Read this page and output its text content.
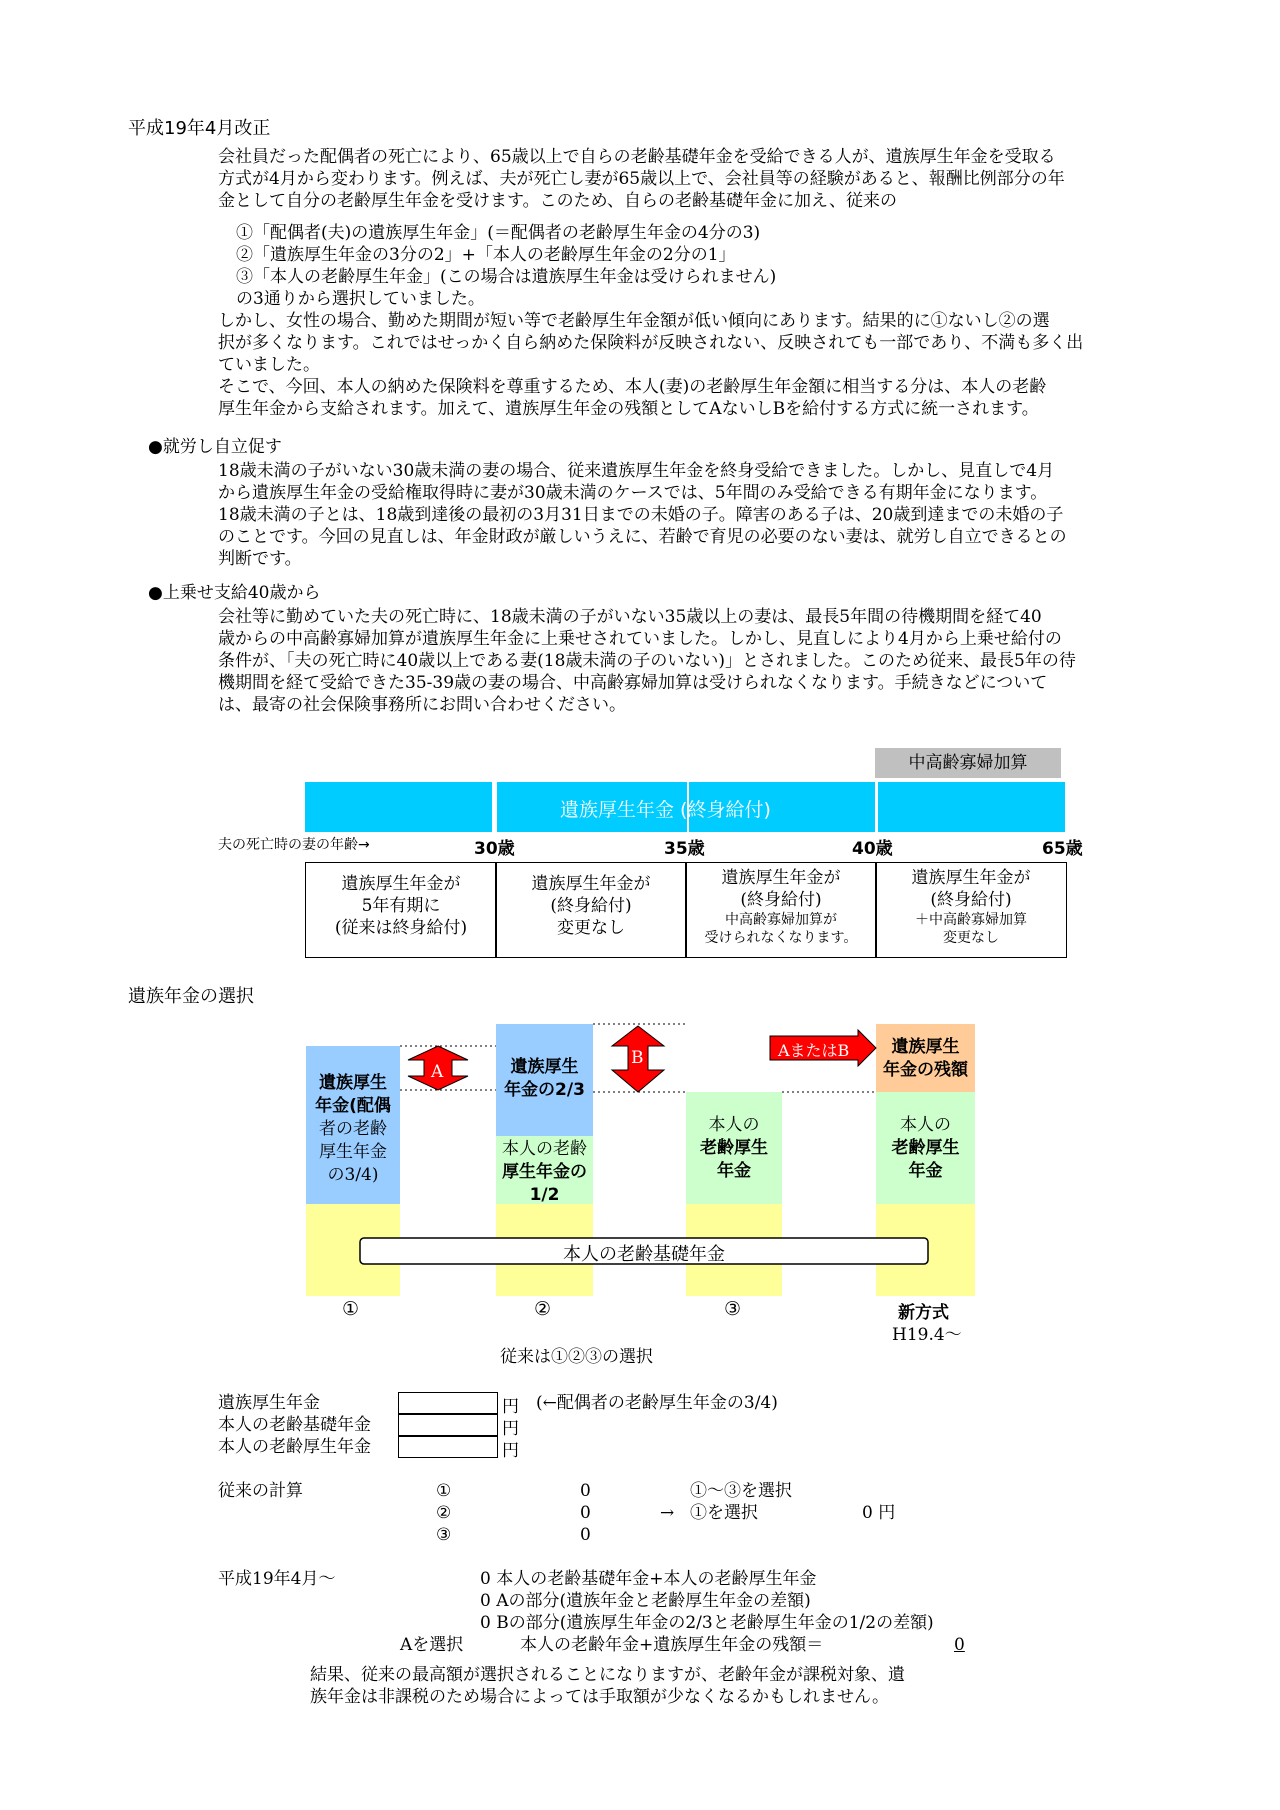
平成19年4月改正
会社員だった配偶者の死亡により、65歳以上で自らの老齢基礎年金を受給できる人が、遺族厚生年金を受取る
方式が4月から変わります。例えば、夫が死亡し妻が65歳以上で、会社員等の経験があると、報酬比例部分の年
金として自分の老齢厚生年金を受けます。このため、自らの老齢基礎年金に加え、従来の
①「配偶者(夫)の遺族厚生年金」(＝配偶者の老齢厚生年金の4分の3)
②「遺族厚生年金の3分の2」+「本人の老齢厚生年金の2分の1」
③「本人の老齢厚生年金」(この場合は遺族厚生年金は受けられません)
の3通りから選択していました。
しかし、女性の場合、勤めた期間が短い等で老齢厚生年金額が低い傾向にあります。結果的に①ないし②の選
択が多くなります。これではせっかく自ら納めた保険料が反映されない、反映されても一部であり、不満も多く出
ていました。
そこで、今回、本人の納めた保険料を尊重するため、本人(妻)の老齢厚生年金額に相当する分は、本人の老齢
厚生年金から支給されます。加えて、遺族厚生年金の残額としてAないしBを給付する方式に統一されます。
●就労し自立促す
18歳未満の子がいない30歳未満の妻の場合、従来遺族厚生年金を終身受給できました。しかし、見直しで4月
から遺族厚生年金の受給権取得時に妻が30歳未満のケースでは、5年間のみ受給できる有期年金になります。
18歳未満の子とは、18歳到達後の最初の3月31日までの未婚の子。障害のある子は、20歳到達までの未婚の子
のことです。今回の見直しは、年金財政が厳しいうえに、若齢で育児の必要のない妻は、就労し自立できるとの
判断です。
●上乗せ支給40歳から
会社等に勤めていた夫の死亡時に、18歳未満の子がいない35歳以上の妻は、最長5年間の待機期間を経て40
歳からの中高齢寡婦加算が遺族厚生年金に上乗せされていました。しかし、見直しにより4月から上乗せ給付の
条件が、「夫の死亡時に40歳以上である妻(18歳未満の子のいない)」とされました。このため従来、最長5年の待
機期間を経て受給できた35-39歳の妻の場合、中高齢寡婦加算は受けられなくなります。手続きなどについて
は、最寄の社会保険事務所にお問い合わせください。
中高齢寡婦加算
遺族厚生年金 (終身給付)
夫の死亡時の妻の年齢→	30歳	35歳	40歳	65歳
遺族厚生年金が
5年有期に
(従来は終身給付)
遺族厚生年金が
(終身給付)
変更なし
遺族厚生年金が
(終身給付)
中高齢寡婦加算が
受けられなくなります。
遺族厚生年金が
(終身給付)
＋中高齢寡婦加算
変更なし
遺族年金の選択
遺族厚生
年金(配偶
者の老齢
厚生年金
の3/4)
遺族厚生
年金の2/3
本人の老齢
厚生年金の
1/2
本人の
老齢厚生
年金
遺族厚生
年金の残額
本人の
老齢厚生
年金
A
B	AまたはB
本人の老齢基礎年金
①	②	③	新方式
H19.4～
従来は①②③の選択
遺族厚生年金	円 (←配偶者の老齢厚生年金の3/4)
本人の老齢基礎年金	円
本人の老齢厚生年金	円
従来の計算	①	0
②	0
③	0
①～③を選択
→ ①を選択	0 円
平成19年4月～	0 本人の老齢基礎年金+本人の老齢厚生年金
0 Aの部分(遺族年金と老齢厚生年金の差額)
0 Bの部分(遺族厚生年金の2/3と老齢厚生年金の1/2の差額)
Aを選択	本人の老齢年金+遺族厚生年金の残額＝	0
結果、従来の最高額が選択されることになりますが、老齢年金が課税対象、遺
族年金は非課税のため場合によっては手取額が少なくなるかもしれません。
